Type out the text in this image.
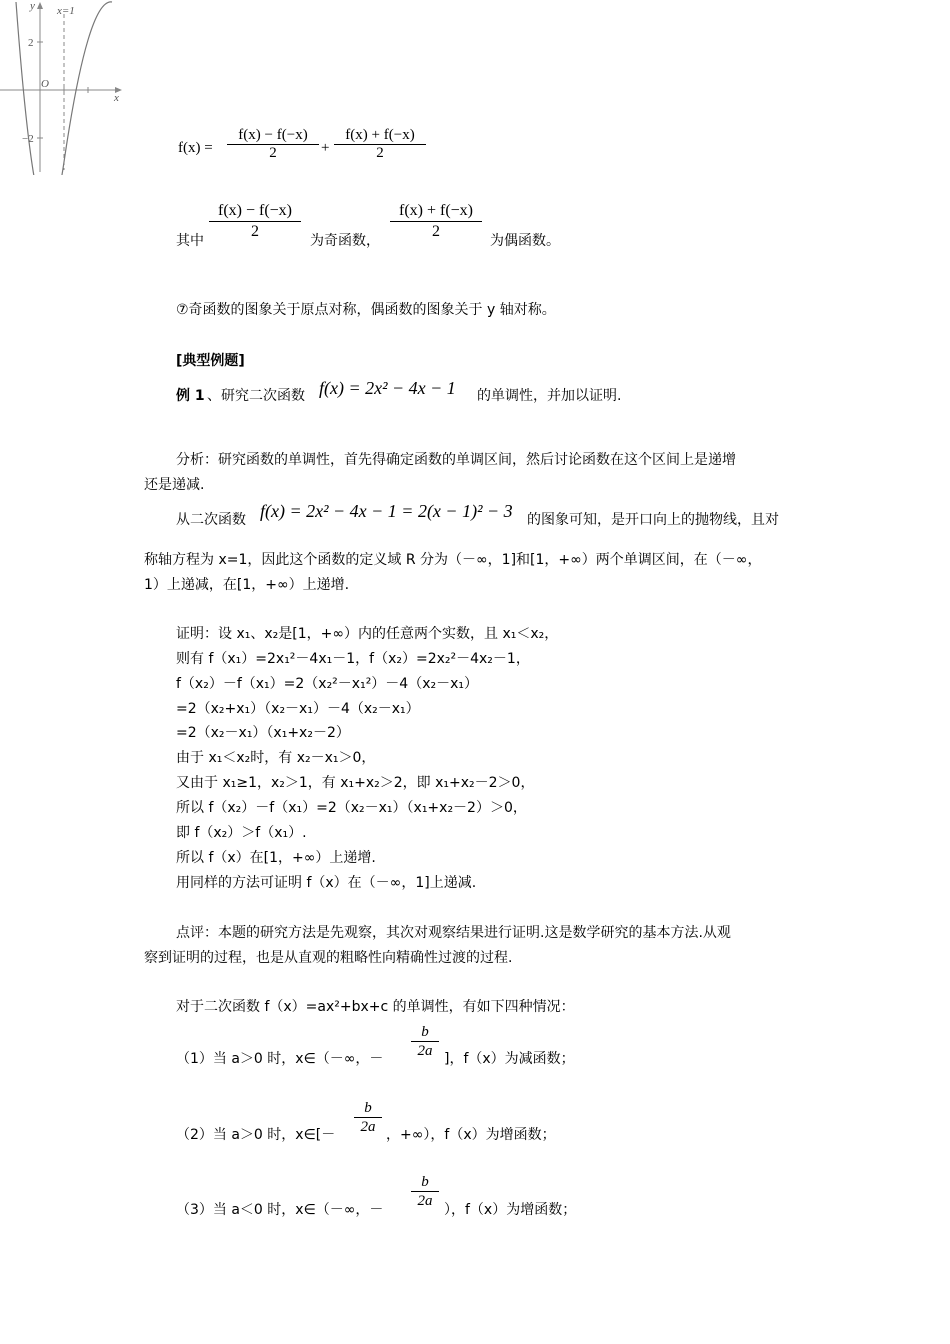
y x=1
2
O
−2
x
f(x) =
f(x) − f(−x)
2	+
f(x) + f(−x)
2
其中
f(x) − f(−x)
2
为奇函数，
f(x) + f(−x)
2
为偶函数。
⑦奇函数的图象关于原点对称，偶函数的图象关于 y 轴对称。
[典型例题]
例 1 、研究二次函数 f(x) = 2x² − 4x − 1 的单调性，并加以证明.
分析：研究函数的单调性，首先得确定函数的单调区间，然后讨论函数在这个区间上是递增
还是递减.
从二次函数 f(x) = 2x² − 4x − 1 = 2(x − 1)² − 3 的图象可知，是开口向上的抛物线，且对
称轴方程为 x=1，因此这个函数的定义域 R 分为（－∞，1]和[1，+∞）两个单调区间，在（－∞，
1）上递减，在[1，+∞）上递增.
证明：设 x₁、x₂是[1，+∞）内的任意两个实数，且 x₁＜x₂，
则有 f（x₁）=2x₁²－4x₁－1，f（x₂）=2x₂²－4x₂－1，
f（x₂）－f（x₁）=2（x₂²－x₁²）－4（x₂－x₁）
=2（x₂+x₁）（x₂－x₁）－4（x₂－x₁）
=2（x₂－x₁）（x₁+x₂－2）
由于 x₁＜x₂时，有 x₂－x₁＞0，
又由于 x₁≥1，x₂＞1，有 x₁+x₂＞2，即 x₁+x₂－2＞0，
所以 f（x₂）－f（x₁）=2（x₂－x₁）（x₁+x₂－2）＞0，
即 f（x₂）＞f（x₁）.
所以 f（x）在[1，+∞）上递增.
用同样的方法可证明 f（x）在（－∞，1]上递减.
点评：本题的研究方法是先观察，其次对观察结果进行证明.这是数学研究的基本方法.从观
察到证明的过程，也是从直观的粗略性向精确性过渡的过程.
对于二次函数 f（x）=ax²+bx+c 的单调性，有如下四种情况：
（1）当 a＞0 时，x∈（－∞，－
b
2a ]，f（x）为减函数；
（2）当 a＞0 时，x∈[－
b
2a ，+∞），f（x）为增函数；
（3）当 a＜0 时，x∈（－∞，－
b
2a
），f（x）为增函数；
